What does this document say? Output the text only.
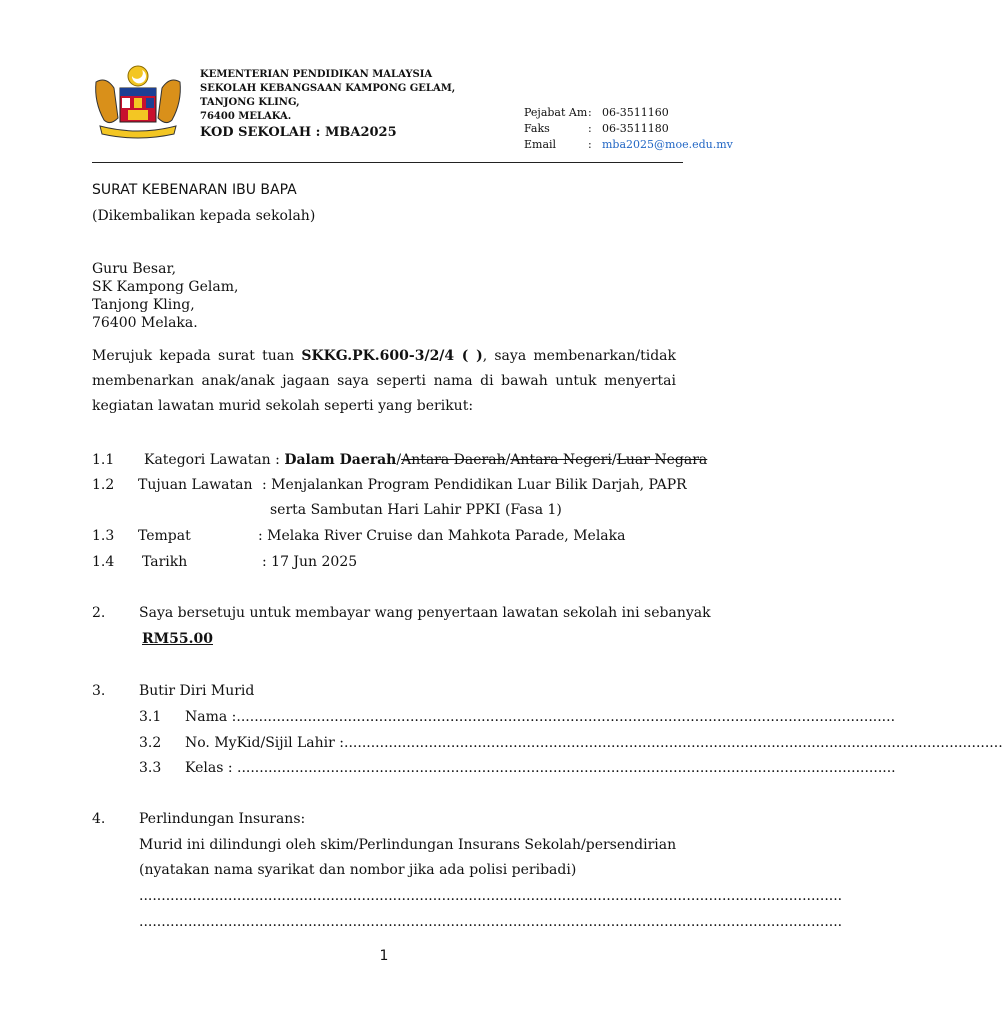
KEMENTERIAN PENDIDIKAN MALAYSIA
SEKOLAH KEBANGSAAN KAMPONG GELAM,
TANJONG KLING,
76400 MELAKA.
KOD SEKOLAH : MBA2025
Pejabat Am : 06-3511160
Faks	: 06-3511180
Email	: mba2025@moe.edu.mv
SURAT KEBENARAN IBU BAPA
(Dikembalikan kepada sekolah)
Guru Besar,
SK Kampong Gelam,
Tanjong Kling,
76400 Melaka.
Merujuk kepada surat tuan SKKG.PK.600-3/2/4 ( ), saya membenarkan/tidak membenarkan anak/anak jagaan saya seperti nama di bawah untuk menyertai kegiatan lawatan murid sekolah seperti yang berikut:
1.1 Kategori Lawatan : Dalam Daerah/Antara Daerah/Antara Negeri/Luar Negara
1.2 Tujuan Lawatan : Menjalankan Program Pendidikan Luar Bilik Darjah, PAPR
serta Sambutan Hari Lahir PPKI (Fasa 1)
1.3 Tempat	: Melaka River Cruise dan Mahkota Parade, Melaka
1.4 Tarikh	: 17 Jun 2025
2. Saya bersetuju untuk membayar wang penyertaan lawatan sekolah ini sebanyak
RM55.00
3. Butir Diri Murid
3.1 Nama :....................................................................................................................................................
3.2 No. MyKid/Sijil Lahir :....................................................................................................................................................
3.3 Kelas : ....................................................................................................................................................
4. Perlindungan Insurans:
Murid ini dilindungi oleh skim/Perlindungan Insurans Sekolah/persendirian
(nyatakan nama syarikat dan nombor jika ada polisi peribadi)
..............................................................................................................................................................
..............................................................................................................................................................
1
